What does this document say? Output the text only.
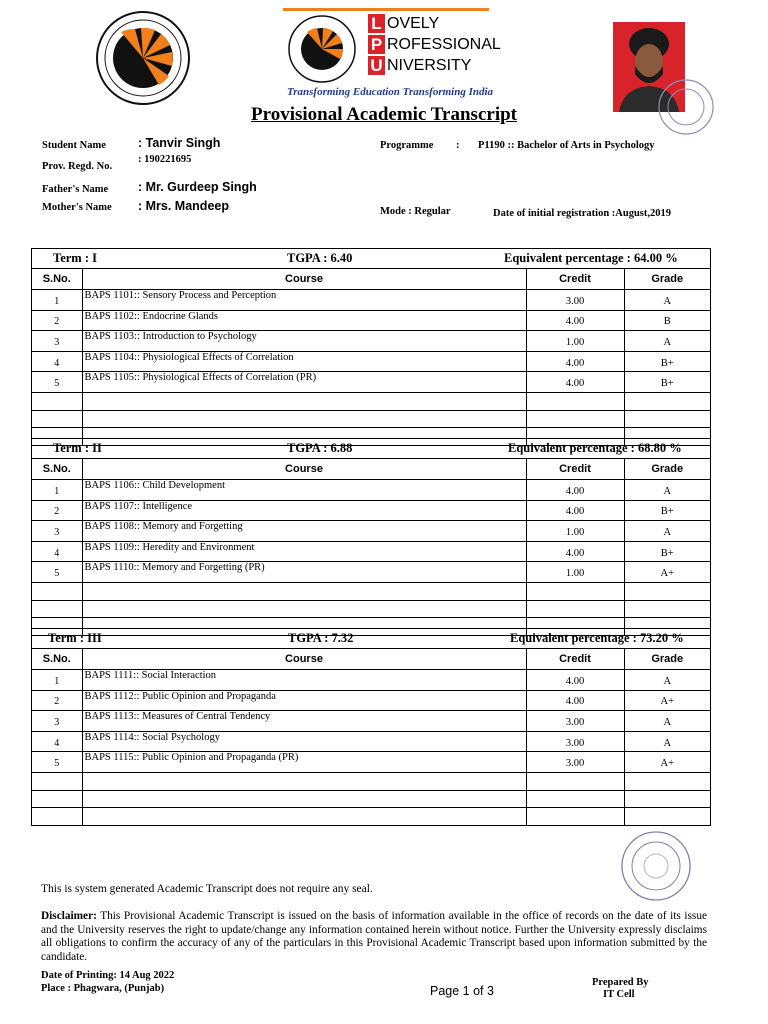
L OVELY
P ROFESSIONAL
U NIVERSITY
Transforming Education Transforming India
Provisional Academic Transcript
Student Name	: Tanvir Singh
Prov. Regd. No.
: 190221695
Father's Name : Mr. Gurdeep Singh
Mother's Name : Mrs. Mandeep
Programme : P1190 :: Bachelor of Arts in Psychology
Mode : Regular	Date of initial registration :August,2019
Term : I	TGPA : 6.40	Equivalent percentage : 64.00 %
S.No.	Course	Credit	Grade
1	BAPS 1101:: Sensory Process and Perception	3.00	A
2	BAPS 1102:: Endocrine Glands	4.00	B
3	BAPS 1103:: Introduction to Psychology	1.00	A
4	BAPS 1104:: Physiological Effects of Correlation	4.00	B+
5	BAPS 1105:: Physiological Effects of Correlation (PR)	4.00	B+

Term : II	TGPA : 6.88	Equivalent percentage : 68.80 %
S.No.	Course	Credit	Grade
1	BAPS 1106:: Child Development	4.00	A
2	BAPS 1107:: Intelligence	4.00	B+
3	BAPS 1108:: Memory and Forgetting	1.00	A
4	BAPS 1109:: Heredity and Environment	4.00	B+
5	BAPS 1110:: Memory and Forgetting (PR)	1.00	A+

Term : III	TGPA : 7.32	Equivalent percentage : 73.20 %
S.No.	Course	Credit	Grade
1	BAPS 1111:: Social Interaction	4.00	A
2	BAPS 1112:: Public Opinion and Propaganda	4.00	A+
3	BAPS 1113:: Measures of Central Tendency	3.00	A
4	BAPS 1114:: Social Psychology	3.00	A
5	BAPS 1115:: Public Opinion and Propaganda (PR)	3.00	A+

This is system generated Academic Transcript does not require any seal.
Disclaimer: This Provisional Academic Transcript is issued on the basis of information available in the office of records on the date of its issue and the University reserves the right to update/change any information contained herein without notice. Further the University expressly disclaims all obligations to confirm the accuracy of any of the particulars in this Provisional Academic Transcript based upon information submitted by the candidate.
Date of Printing: 14 Aug 2022
Place : Phagwara, (Punjab)	Page 1 of 3
Prepared By
IT Cell
